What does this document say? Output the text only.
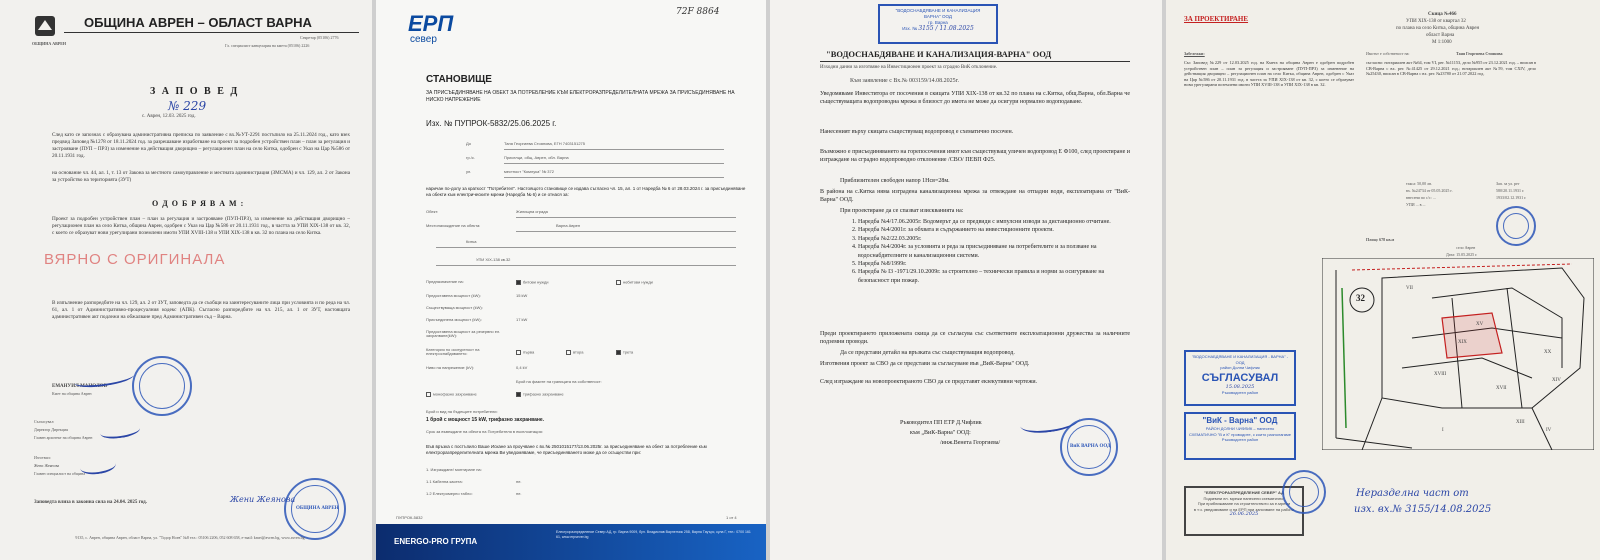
ОБЩИНА АВРЕН
ОБЩИНА АВРЕН – ОБЛАСТ ВАРНА
Секретар (05106) 2776
Гл. специалист канцелария на кмета (05106) 2226
З А П О В Е Д
№ 229
с. Аврен, 12.03. 2025 год.
След като се запознах с образувана административна преписка по заявление с вх.№УТ-2291 постъпило на 25.11.2024 год., като взех предвид Заповед №1278 от 18.11.2024 год. за разрешаване изработване на проект за подробен устройствен план – план за регулация и застрояване (ПУП – ПРЗ) за изменение на действащия дворищно – регулационен план на село Китка, одобрен с Указ на Цар №586 от 20.11.1931 год.
на основание чл. 44, ал. 1, т. 13 от Закона за местното самоуправление и местната администрация (ЗМСМА) и чл. 129, ал. 2 от Закона за устройство на територията (ЗУТ)
О Д О Б Р Я В А М :
Проект за подробен устройствен план – план за регулация и застрояване (ПУП-ПРЗ), за изменение на действащия дворищно – регулационен план на село Китка, община Аврен, одобрен с Указ на Цар №586 от 20.11.1931 год., в частта за УПИ XIX-138 от кв. 32, с което се образуват нови урегулирани поземлени имоти УПИ XVIII-138 и УПИ XIX-138 в кв. 32 по плана на село Китка.
ВЯРНО С ОРИГИНАЛА
В изпълнение разпоредбите на чл. 129, ал. 2 от ЗУТ, заповедта да се съобщи на заинтересуваните лица при условията и по реда на чл. 61, ал. 1 от Административно-процесуалния кодекс (АПК). Съгласно разпоредбите на чл. 215, ал. 1 от ЗУТ, настоящата административен акт подлежи на обжалване пред Административен съд – Варна.
ЕМАНУИЛ МАНОЛОВ
Кмет на община Аврен
Съгласувал:
Директор Дирекция
Главен архитект на община Аврен
Изготвил:
Жени Жеянова
Главен специалист на община
Заповедта влиза в законна сила на 24.04. 2025 год.	Жени Жеянова
ОБЩИНА АВРЕН
9135, с. Аврен, община Аврен, област Варна, ул. "Тодор Ноев" №8 тел.: 05106 2206, 052 608 658, e-mail: kmet@avren.bg, www.avren.bg
ЕРП
север
72F 8864
СТАНОВИЩЕ
ЗА ПРИСЪЕДИНЯВАНЕ НА ОБЕКТ ЗА ПОТРЕБЛЕНИЕ КЪМ ЕЛЕКТРОРАЗПРЕДЕЛИТЕЛНАТА МРЕЖА ЗА ПРИСЪЕДИНЯВАНЕ НА НИСКО НАПРЕЖЕНИЕ
Изх. № ПУПРОК-5832/25.06.2025 г.
До	Таня Георгиева Стоянова, ЕГН 7403151275
гр./с.	Приселци, общ. Аврен, обл. Варна
ул.	местност "Комлука" № 372
наричан по-долу за краткост "Потребител". Настоящото становище се издава съгласно чл. 15, ал. 1 от Наредба № 6 от 28.03.2024 г. за присъединяване на обекти към електрическите мрежи (Наредба № 6) и се отнася за:
Обект:	Жилищна сграда
Местонахождение на обекта:	Варна Аврен
Китка
УПИ XIX-138 кв.32
Предназначение на:	битови нужди	небитови нужди
Предоставена мощност (kW):	15 kW
Съществуваща мощност (kW):
Присъединена мощност (kW):	17 kW
Предоставена мощност за резервно ел. захранване(kW):
Категория по осигуреност на електроснабдяването:	първа	втора	трета
Ниво на напрежение (kV):	0,4 kV
Брой на фазите на границата на собственост:
монофазно захранване	трифазно захранване
Брой и вид на бъдещите потребители:
1 брой с мощност 15 kW, трифазно захранване.
Срок за въвеждане на обекта на Потребителя в експлоатация:
Във връзка с постъпило Ваше Искане за проучване с вх.№ 2501015177/13.06.2025г. за присъединяване на обект за потребление към електроразпределителната мрежа Ви уведомяваме, че присъединяването може да се осъществи при:
1. Изграждане/ монтиране на:
1.1 Кабелна касета:	не.
1.2 Електромерно табло:	не.
ПУПРОК-5832	1 от 4
ENERGO-PRO ГРУПА
Електроразпределение Север АД, гр. Варна 9009, бул. Владислав Варненчик 258, Варна Тауърс, кула Г, тел.: 0700 161 61, www.erpsever.bg
"ВОДОСНАБДЯВАНЕ И КАНАЛИЗАЦИЯ
ВАРНА" ООД
гр. Варна
Изх. № 3155 / 11.08.2025
"ВОДОСНАБДЯВАНЕ И КАНАЛИЗАЦИЯ-ВАРНА" ООД
Изходни данни за изготвяне на Инвестиционен проект за сградно ВиК отклонение.
Към заявление с Вх.№ 003159/14.08.2025г.
Уведомяваме Инвеститора от посочения в скицата УПИ XIX-138 от кв.32 по плана на с.Китка, общ.Варна, обл.Варна че съществуващата водопроводна мрежа в близост до имота не може да осигури нормално водоподаване.
Нанесеният върху скицата съществуващ водопровод е схематично посочен.
Възможно е присъединяването на горепосочения имот към съществуващ уличен водопровод Е Ф100, след проектиране и изграждане на сградно водопроводно отклонение /СВО/ ПЕВП Ф25.
Приблизителен свободен напор 1Нсв=28м.
В района на с.Китка няма изградена канализационна мрежа за отвеждане на отпадни води, експлоатирана от "ВиК-Варна" ООД.
При проектиране да се спазват изискванията на:
1. Наредба №4/17.06.2005г. Водомерът да се предвиди с импулсни изводи за дистанционно отчитане.
2. Наредба №4/2001г. за обхвата и съдържанието на инвестиционните проекти.
3. Наредба №2/22.03.2005г.
4. Наредба №4/2004г. за условията и реда за присъединяване на потребителите и за ползване на водоснабдителните и канализационни системи.
5. Наредба №8/1999г.
6. Наредба № I3 -1971/29.10.2009г. за строително – технически правила и норми за осигуряване на безопасност при пожар.
Преди проектирането приложената скица да се съгласува със съответните експлоатационни дружества за наличните подземни проводи.
Да се представи детайл на връзката със съществуващия водопровод.
Изготвения проект за СВО да се представи за съгласуване във „ВиК-Варна" ООД.
След изграждане на новопроектираното СВО да се представят екзекутивни чертежи.
Ръководител ПП ЕТР Д.Чифлик
към „ВиК-Варна" ООД:
/инж.Венета Георгиева/
ВиК ВАРНА ООД
ЗА ПРОЕКТИРАНЕ
Скица №466
УПИ XIX-138 от квартал 32
по плана на село Китка, община Аврен
област Варна
М 1:1000
Забележки:
Със Заповед №229 от 12.03.2025 год. на Кмета на община Аврен е одобрен подробен устройствен план – план за регулация и застрояване (ПУП-ПРЗ) за изменение на действащия дворищно – регулационен план на село Китка, община Аврен, одобрен с Указ на Цар №586 от 20.11.1931 год. в частта за УПИ XIX-138 от кв. 32, с което се образуват нови урегулирани поземлени имоти УПИ XVIII-138 и УПИ XIX-138 в кв. 32.
Имотът е собственост на:	Таня Георгиева Стоянова
съгласно: нотариален акт №64, том VI, рег. №11153, дело №955 от 23.12.2021 год. – вписан в СВ-Варна с вх. рег. №41425 от 29.12.2021 год.; нотариален акт №59, том CXIV, дело №25430, вписан в СВ-Варна с вх. рег. №23780 от 21.07.2022 год.
такса: 50,00 лв.
вх. №24734 от 05.05.2025 г.
внесени по с/с: ...
УПИ ... в ...
Зап. за ул. рег
580/20.11.1931 г.
1933/02.12.1931 г.
Площ: 678 кв.м
село Аврен
Дата: 15.05.2025 г.
32
VII
XV
XIX
XVIII
XVII
XX
XIV
XIII
IV
I
"ВОДОСНАБДЯВАНЕ И КАНАЛИЗАЦИЯ - ВАРНА" - ООД
район Долни Чифлик
СЪГЛАСУВАЛ
15.08.2025
Ръководител район
"ВиК - Варна" ООД
РАЙОН ДОЛНИ ЧИФЛИК – нанесено
СХЕМАТИЧНО "В и К" проводите, с които разполагаме
Ръководител район
"ЕЛЕКТРОРАЗПРЕДЕЛЕНИЕ СЕВЕР" АД
Подземни ел. мрежи нанесени схематично.
При приближаване на строителството за е.мрежи
в т.ч. уведомяване и на ЕРП при започване на работа
26.06.2025
Неразделна част от
изх. вх.№ 3155/14.08.2025
